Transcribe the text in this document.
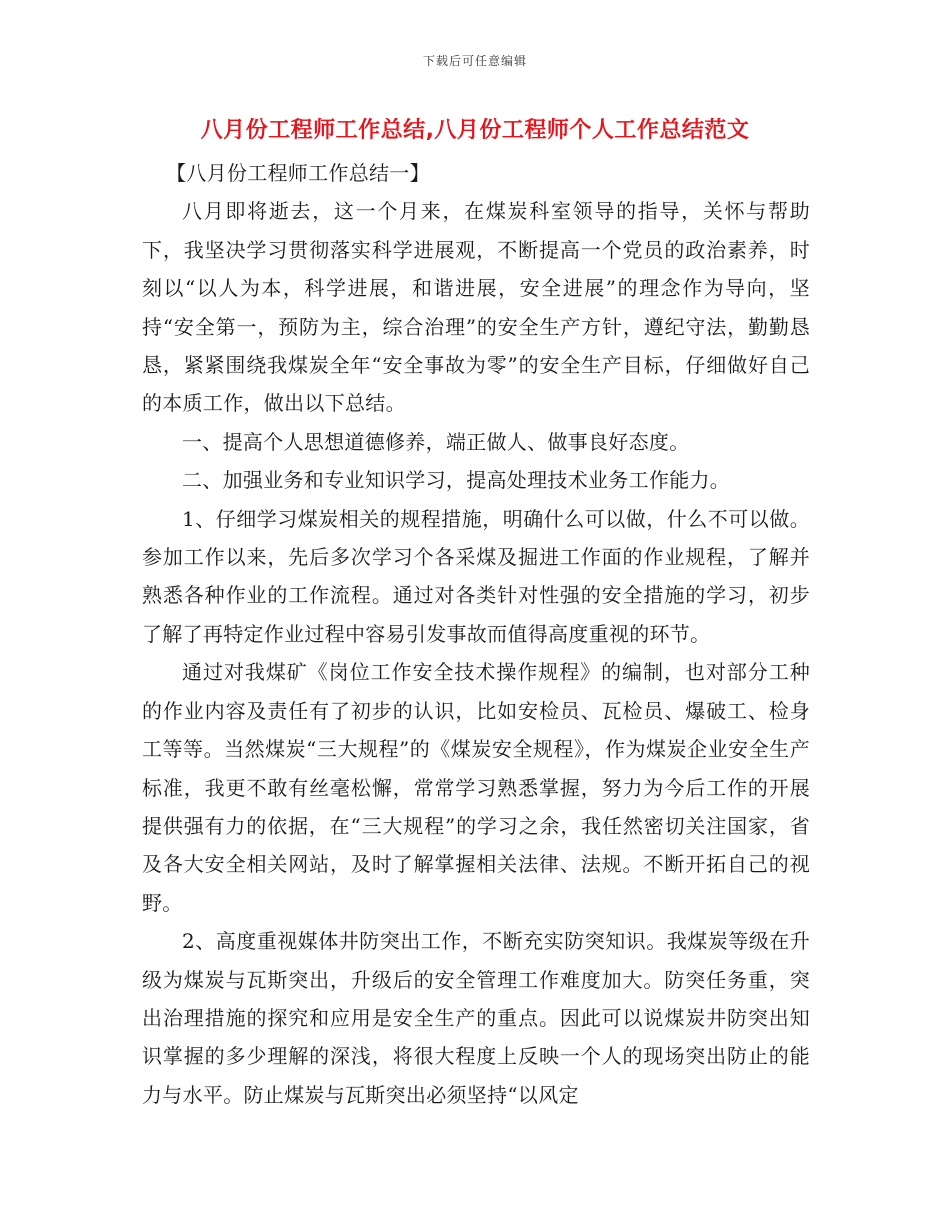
下载后可任意编辑
八月份工程师工作总结,八月份工程师个人工作总结范文

【八月份工程师工作总结一】

八月即将逝去，这一个月来，在煤炭科室领导的指导，关怀与帮助下，我坚决学习贯彻落实科学进展观，不断提高一个党员的政治素养，时刻以“以人为本，科学进展，和谐进展，安全进展”的理念作为导向，坚持“安全第一，预防为主，综合治理”的安全生产方针，遵纪守法，勤勤恳恳，紧紧围绕我煤炭全年“安全事故为零”的安全生产目标，仔细做好自己的本质工作，做出以下总结。

一、提高个人思想道德修养，端正做人、做事良好态度。

二、加强业务和专业知识学习，提高处理技术业务工作能力。

1、仔细学习煤炭相关的规程措施，明确什么可以做，什么不可以做。参加工作以来，先后多次学习个各采煤及掘进工作面的作业规程，了解并熟悉各种作业的工作流程。通过对各类针对性强的安全措施的学习，初步了解了再特定作业过程中容易引发事故而值得高度重视的环节。

通过对我煤矿《岗位工作安全技术操作规程》的编制，也对部分工种的作业内容及责任有了初步的认识，比如安检员、瓦检员、爆破工、检身工等等。当然煤炭“三大规程”的《煤炭安全规程》，作为煤炭企业安全生产标准，我更不敢有丝毫松懈，常常学习熟悉掌握，努力为今后工作的开展提供强有力的依据，在“三大规程”的学习之余，我任然密切关注国家，省及各大安全相关网站，及时了解掌握相关法律、法规。不断开拓自己的视野。

2、高度重视媒体井防突出工作，不断充实防突知识。我煤炭等级在升级为煤炭与瓦斯突出，升级后的安全管理工作难度加大。防突任务重，突出治理措施的探究和应用是安全生产的重点。因此可以说煤炭井防突出知识掌握的多少理解的深浅，将很大程度上反映一个人的现场突出防止的能力与水平。防止煤炭与瓦斯突出必须坚持“以风定
